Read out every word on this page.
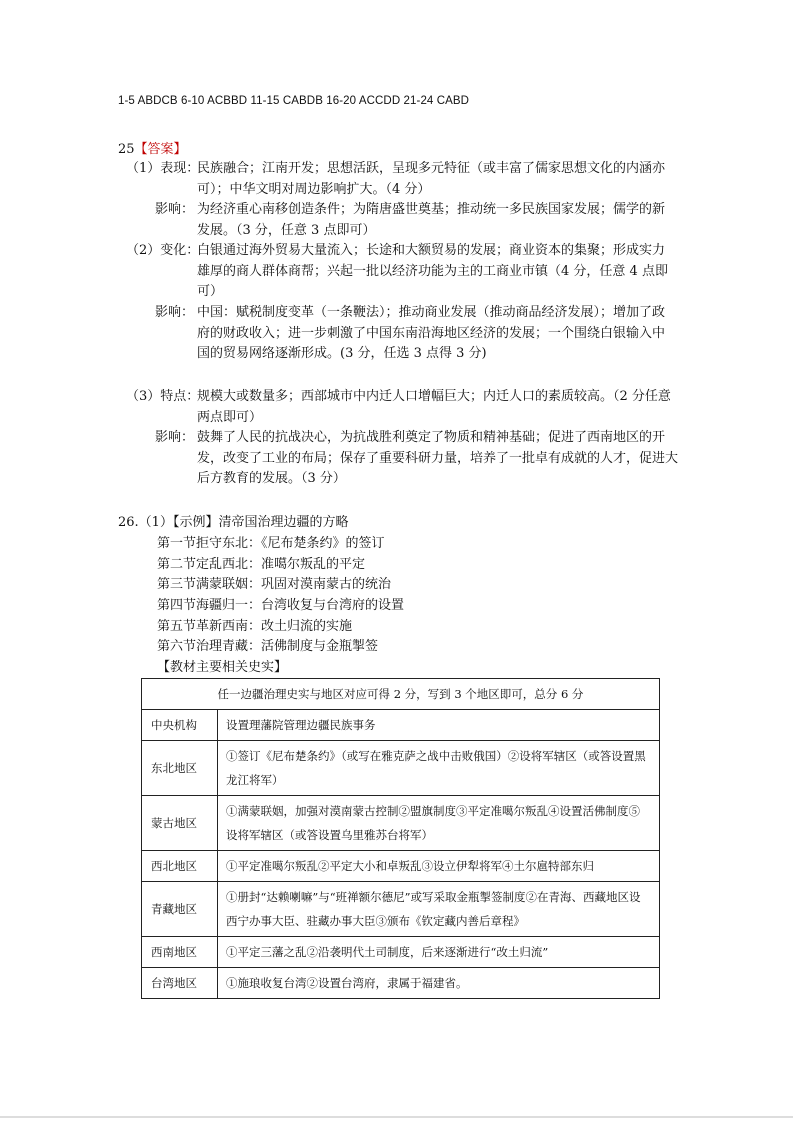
1-5 ABDCB 6-10 ACBBD 11-15 CABDB 16-20 ACCDD 21-24 CABD
25【答案】
（1）表现：
民族融合；江南开发；思想活跃，呈现多元特征（或丰富了儒家思想文化的内涵亦可）；中华文明对周边影响扩大。（4 分）
影响： 为经济重心南移创造条件；为隋唐盛世奠基；推动统一多民族国家发展；儒学的新发展。（3 分，任意 3 点即可）
（2）变化：
白银通过海外贸易大量流入；长途和大额贸易的发展；商业资本的集聚；形成实力雄厚的商人群体商帮；兴起一批以经济功能为主的工商业市镇（4 分，任意 4 点即可）
影响： 中国：赋税制度变革（一条鞭法）；推动商业发展（推动商品经济发展）；增加了政府的财政收入；进一步刺激了中国东南沿海地区经济的发展；一个围绕白银输入中国的贸易网络逐渐形成。(3 分，任选 3 点得 3 分)
（3）特点：
规模大或数量多；西部城市中内迁人口增幅巨大；内迁人口的素质较高。（2 分任意两点即可）
影响： 鼓舞了人民的抗战决心，为抗战胜利奠定了物质和精神基础；促进了西南地区的开发，改变了工业的布局；保存了重要科研力量，培养了一批卓有成就的人才，促进大后方教育的发展。（3 分）
26.（1）【示例】清帝国治理边疆的方略
第一节拒守东北：《尼布楚条约》的签订
第二节定乱西北：准噶尔叛乱的平定
第三节满蒙联姻：巩固对漠南蒙古的统治
第四节海疆归一：台湾收复与台湾府的设置
第五节革新西南：改土归流的实施
第六节治理青藏：活佛制度与金瓶掣签
【教材主要相关史实】
任一边疆治理史实与地区对应可得 2 分，写到 3 个地区即可，总分 6 分	
中央机构	设置理藩院管理边疆民族事务
东北地区	①签订《尼布楚条约》（或写在雅克萨之战中击败俄国）②设将军辖区（或答设置黑龙江将军）
蒙古地区	①满蒙联姻，加强对漠南蒙古控制②盟旗制度③平定准噶尔叛乱④设置活佛制度⑤设将军辖区（或答设置乌里雅苏台将军）
西北地区	①平定准噶尔叛乱②平定大小和卓叛乱③设立伊犁将军④土尔扈特部东归
青藏地区	①册封“达赖喇嘛”与“班禅额尔德尼”或写采取金瓶掣签制度②在青海、西藏地区设西宁办事大臣、驻藏办事大臣③颁布《钦定藏内善后章程》
西南地区	①平定三藩之乱②沿袭明代土司制度，后来逐渐进行“改土归流”
台湾地区	①施琅收复台湾②设置台湾府，隶属于福建省。
